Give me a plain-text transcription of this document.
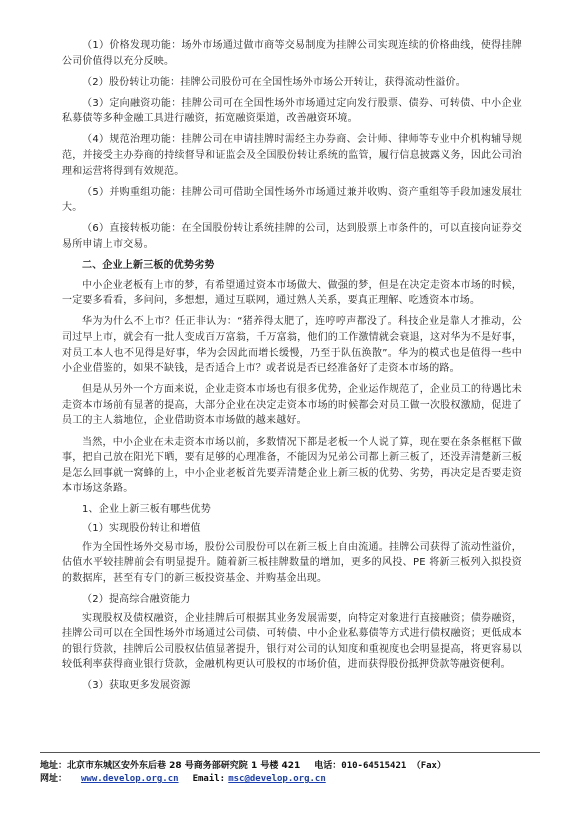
（1）价格发现功能：场外市场通过做市商等交易制度为挂牌公司实现连续的价格曲线，使得挂牌公司价值得以充分反映。

（2）股份转让功能：挂牌公司股份可在全国性场外市场公开转让，获得流动性溢价。

（3）定向融资功能：挂牌公司可在全国性场外市场通过定向发行股票、债券、可转债、中小企业私募债等多种金融工具进行融资，拓宽融资渠道，改善融资环境。

（4）规范治理功能：挂牌公司在申请挂牌时需经主办券商、会计师、律师等专业中介机构辅导规范，并接受主办券商的持续督导和证监会及全国股份转让系统的监管，履行信息披露义务，因此公司治理和运营将得到有效规范。

（5）并购重组功能：挂牌公司可借助全国性场外市场通过兼并收购、资产重组等手段加速发展壮大。

（6）直接转板功能：在全国股份转让系统挂牌的公司，达到股票上市条件的，可以直接向证券交易所申请上市交易。

二、企业上新三板的优势劣势

中小企业老板有上市的梦，有希望通过资本市场做大、做强的梦，但是在决定走资本市场的时候，一定要多看看，多问问，多想想，通过互联网，通过熟人关系，要真正理解、吃透资本市场。

华为为什么不上市？任正非认为：“猪养得太肥了，连哼哼声都没了。科技企业是靠人才推动，公司过早上市，就会有一批人变成百万富翁，千万富翁，他们的工作激情就会衰退，这对华为不是好事，对员工本人也不见得是好事，华为会因此而增长缓慢，乃至于队伍涣散”。华为的模式也是值得一些中小企业借鉴的，如果不缺钱，是否适合上市？或者说是否已经准备好了走资本市场的路。

但是从另外一个方面来说，企业走资本市场也有很多优势，企业运作规范了，企业员工的待遇比未走资本市场前有显著的提高，大部分企业在决定走资本市场的时候都会对员工做一次股权激励，促进了员工的主人翁地位，企业借助资本市场做的越来越好。

当然，中小企业在未走资本市场以前，多数情况下都是老板一个人说了算，现在要在条条框框下做事，把自己放在阳光下晒，要有足够的心理准备，不能因为兄弟公司都上新三板了，还没弄清楚新三板是怎么回事就一窝蜂的上，中小企业老板首先要弄清楚企业上新三板的优势、劣势，再决定是否要走资本市场这条路。

1、企业上新三板有哪些优势

（1）实现股份转让和增值

作为全国性场外交易市场，股份公司股份可以在新三板上自由流通。挂牌公司获得了流动性溢价，估值水平较挂牌前会有明显提升。随着新三板挂牌数量的增加，更多的风投、PE 将新三板列入拟投资的数据库，甚至有专门的新三板投资基金、并购基金出现。

（2）提高综合融资能力

实现股权及债权融资，企业挂牌后可根据其业务发展需要，向特定对象进行直接融资；债券融资，挂牌公司可以在全国性场外市场通过公司债、可转债、中小企业私募债等方式进行债权融资；更低成本的银行贷款，挂牌后公司股权估值显著提升，银行对公司的认知度和重视度也会明显提高，将更容易以较低利率获得商业银行贷款，金融机构更认可股权的市场价值，进而获得股份抵押贷款等融资便利。

（3）获取更多发展资源

地址：北京市东城区安外东后巷 28 号商务部研究院 1 号楼 421 电话：010-64515421 （Fax）
网址： www.develop.org.cn Email: msc@develop.org.cn
